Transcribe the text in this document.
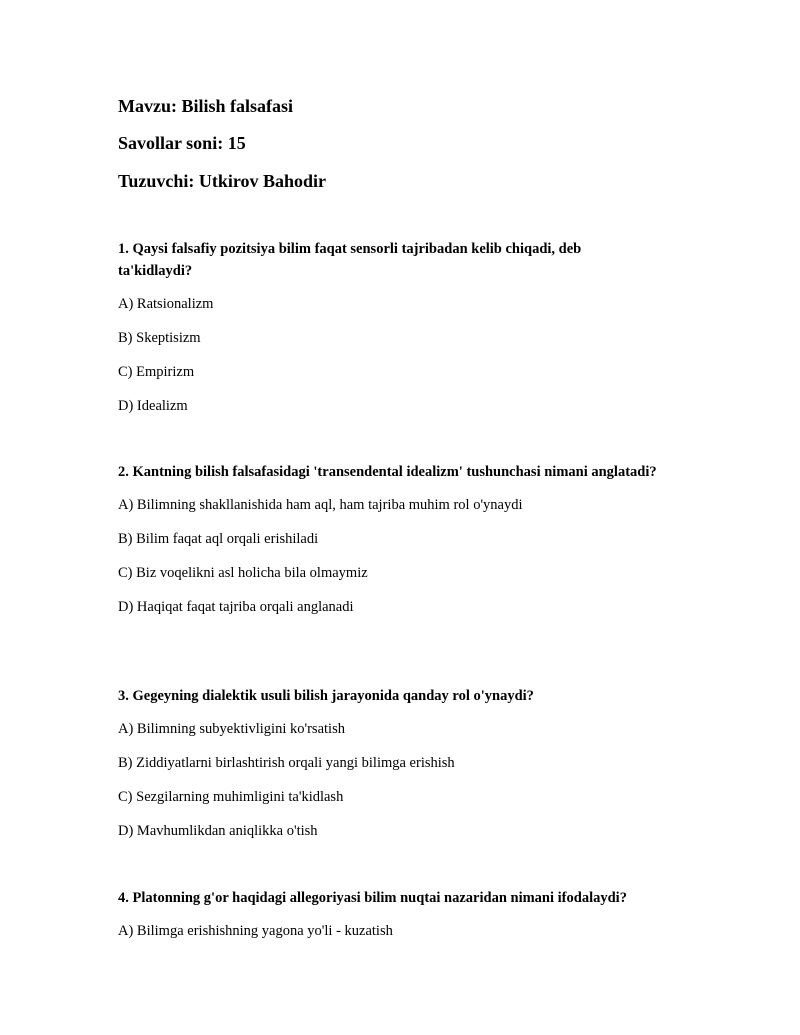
Mavzu: Bilish falsafasi
Savollar soni: 15
Tuzuvchi: Utkirov Bahodir

1. Qaysi falsafiy pozitsiya bilim faqat sensorli tajribadan kelib chiqadi, deb ta'kidlaydi?

A) Ratsionalizm

B) Skeptisizm

C) Empirizm

D) Idealizm

2. Kantning bilish falsafasidagi 'transendental idealizm' tushunchasi nimani anglatadi?

A) Bilimning shakllanishida ham aql, ham tajriba muhim rol o'ynaydi

B) Bilim faqat aql orqali erishiladi

C) Biz voqelikni asl holicha bila olmaymiz

D) Haqiqat faqat tajriba orqali anglanadi

3. Gegeyning dialektik usuli bilish jarayonida qanday rol o'ynaydi?

A) Bilimning subyektivligini ko'rsatish

B) Ziddiyatlarni birlashtirish orqali yangi bilimga erishish

C) Sezgilarning muhimligini ta'kidlash

D) Mavhumlikdan aniqlikka o'tish

4. Platonning g'or haqidagi allegoriyasi bilim nuqtai nazaridan nimani ifodalaydi?

A) Bilimga erishishning yagona yo'li - kuzatish
